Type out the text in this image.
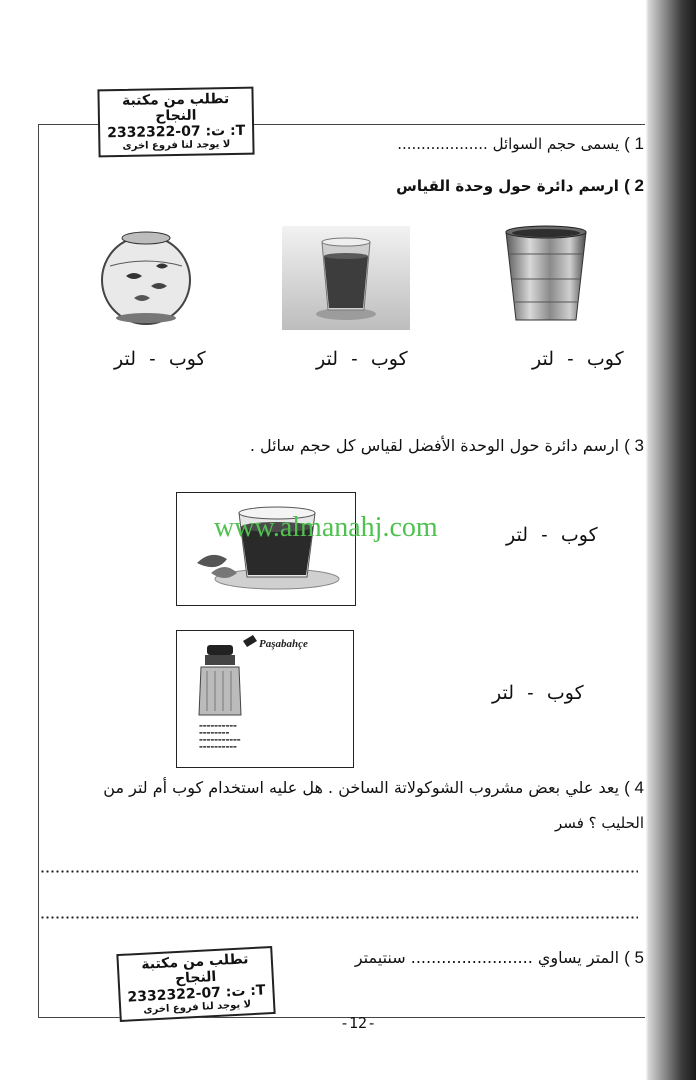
تطلب من مكتبة النجاح
ت: 07-2332322 :T
لا يوجد لنا فروع اخرى	1 ) يسمى حجم السوائل ...................
2 ) ارسم دائرة حول وحدة القياس
كوب - لتر
كوب - لتر
كوب - لتر
3 ) ارسم دائرة حول الوحدة الأفضل لقياس كل حجم سائل .
كوب - لتر
Paşabahçe
▬▬▬▬▬▬▬▬▬▬
▬▬▬▬▬▬▬▬
▬▬▬▬▬▬▬▬▬▬▬
▬▬▬▬▬▬▬▬▬▬
كوب - لتر
www.almanahj.com
4 ) يعد علي بعض مشروب الشوكولاتة الساخن . هل عليه استخدام كوب أم لتر من
الحليب ؟ فسر
5 ) المتر يساوي ........................ سنتيمتر
تطلب من مكتبة النجاح
ت: 07-2332322 :T
لا يوجد لنا فروع اخرى
-12-
